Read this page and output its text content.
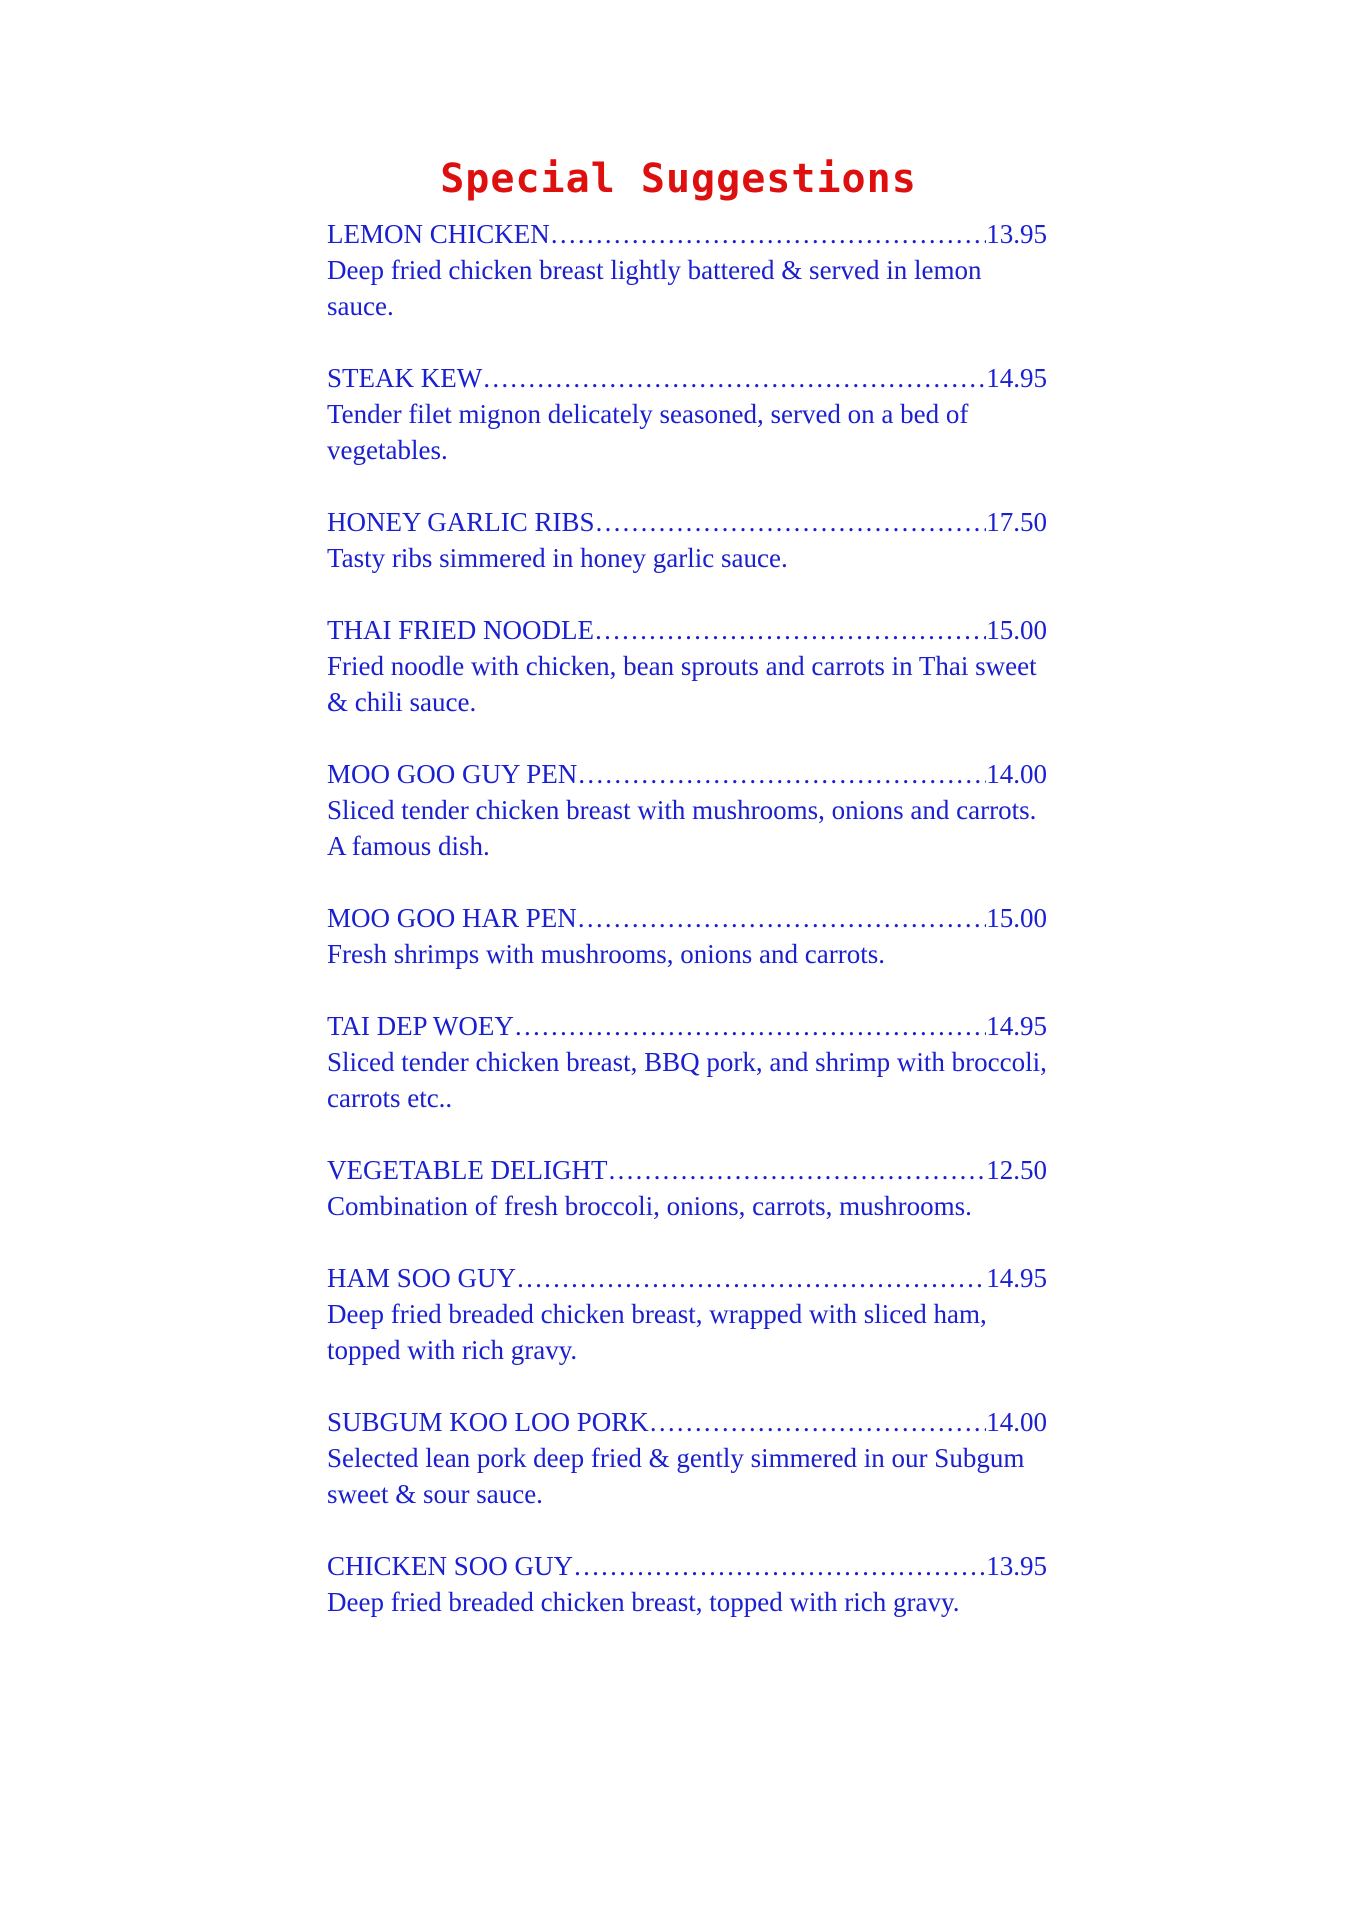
Special Suggestions
LEMON CHICKEN ……………………………………………………………………………………………………………………………………………………	13.95
Deep fried chicken breast lightly battered & served in lemon sauce.
STEAK KEW ……………………………………………………………………………………………………………………………………………………	14.95
Tender filet mignon delicately seasoned, served on a bed of vegetables.
HONEY GARLIC RIBS ……………………………………………………………………………………………………………………………………………………	17.50
Tasty ribs simmered in honey garlic sauce.
THAI FRIED NOODLE ……………………………………………………………………………………………………………………………………………………	15.00
Fried noodle with chicken, bean sprouts and carrots in Thai sweet & chili sauce.
MOO GOO GUY PEN ……………………………………………………………………………………………………………………………………………………	14.00
Sliced tender chicken breast with mushrooms, onions and carrots. A famous dish.
MOO GOO HAR PEN ……………………………………………………………………………………………………………………………………………………	15.00
Fresh shrimps with mushrooms, onions and carrots.
TAI DEP WOEY ……………………………………………………………………………………………………………………………………………………	14.95
Sliced tender chicken breast, BBQ pork, and shrimp with broccoli, carrots etc..
VEGETABLE DELIGHT ……………………………………………………………………………………………………………………………………………………	12.50
Combination of fresh broccoli, onions, carrots, mushrooms.
HAM SOO GUY ……………………………………………………………………………………………………………………………………………………	14.95
Deep fried breaded chicken breast, wrapped with sliced ham, topped with rich gravy.
SUBGUM KOO LOO PORK ……………………………………………………………………………………………………………………………………………………	14.00
Selected lean pork deep fried & gently simmered in our Subgum sweet & sour sauce.
CHICKEN SOO GUY ……………………………………………………………………………………………………………………………………………………	13.95
Deep fried breaded chicken breast, topped with rich gravy.
